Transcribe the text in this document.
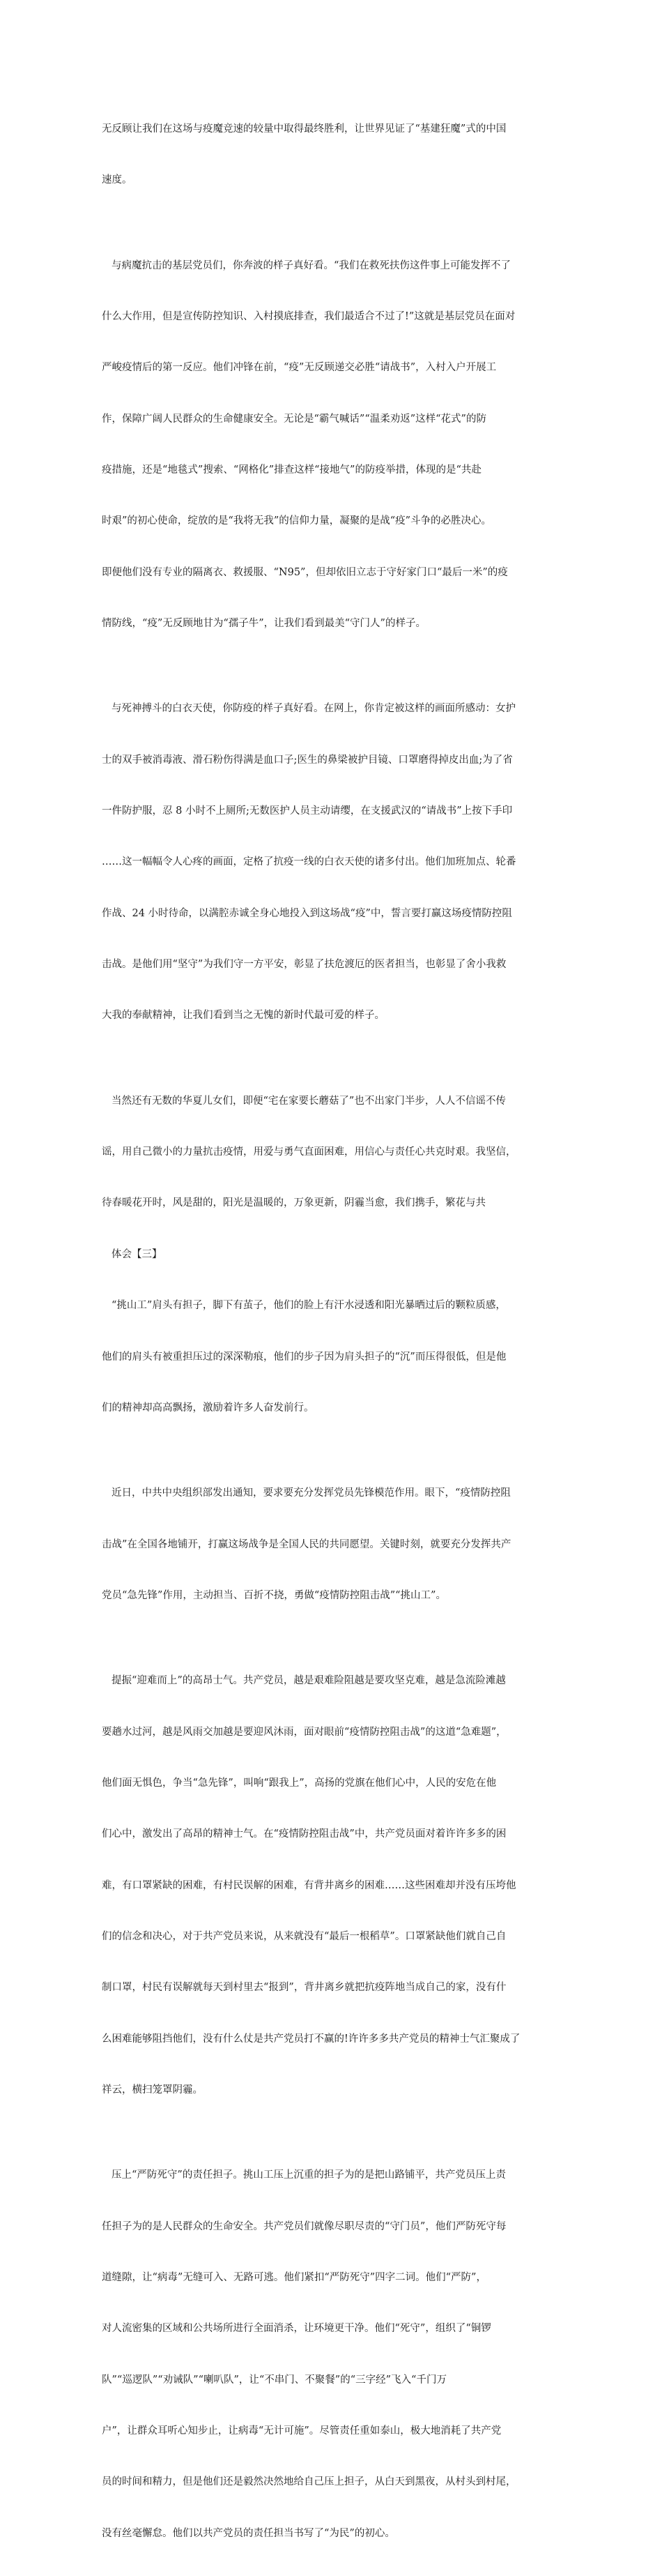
无反顾让我们在这场与疫魔竞速的较量中取得最终胜利，让世界见证了“基建狂魔”式的中国

速度。

与病魔抗击的基层党员们，你奔波的样子真好看。“我们在救死扶伤这件事上可能发挥不了

什么大作用，但是宣传防控知识、入村摸底排查，我们最适合不过了!”这就是基层党员在面对

严峻疫情后的第一反应。他们冲锋在前，“疫”无反顾递交必胜“请战书”，入村入户开展工

作，保障广阔人民群众的生命健康安全。无论是“霸气喊话”“温柔劝返”这样“花式”的防

疫措施，还是“地毯式”搜索、“网格化”排查这样“接地气”的防疫举措，体现的是“共赴

时艰”的初心使命，绽放的是“我将无我”的信仰力量，凝聚的是战“疫”斗争的必胜决心。

即便他们没有专业的隔离衣、救援服、“N95”，但却依旧立志于守好家门口“最后一米”的疫

情防线，“疫”无反顾地甘为“孺子牛”，让我们看到最美“守门人”的样子。

与死神搏斗的白衣天使，你防疫的样子真好看。在网上，你肯定被这样的画面所感动：女护

士的双手被消毒液、滑石粉伤得满是血口子;医生的鼻梁被护目镜、口罩磨得掉皮出血;为了省

一件防护服，忍 8 小时不上厕所;无数医护人员主动请缨，在支援武汉的“请战书”上按下手印

……这一幅幅令人心疼的画面，定格了抗疫一线的白衣天使的诸多付出。他们加班加点、轮番

作战、24 小时待命，以满腔赤诚全身心地投入到这场战“疫”中，誓言要打赢这场疫情防控阻

击战。是他们用“坚守”为我们守一方平安，彰显了扶危渡厄的医者担当，也彰显了舍小我救

大我的奉献精神，让我们看到当之无愧的新时代最可爱的样子。

当然还有无数的华夏儿女们，即便“宅在家要长蘑菇了”也不出家门半步，人人不信谣不传

谣，用自己微小的力量抗击疫情，用爱与勇气直面困难，用信心与责任心共克时艰。我坚信，

待春暖花开时，风是甜的，阳光是温暖的，万象更新，阴霾当愈，我们携手，繁花与共

体会【三】

“挑山工”肩头有担子，脚下有茧子，他们的脸上有汗水浸透和阳光暴晒过后的颗粒质感，

他们的肩头有被重担压过的深深勒痕，他们的步子因为肩头担子的“沉”而压得很低，但是他

们的精神却高高飘扬，激励着许多人奋发前行。

近日，中共中央组织部发出通知，要求要充分发挥党员先锋模范作用。眼下，“疫情防控阻

击战”在全国各地铺开，打赢这场战争是全国人民的共同愿望。关键时刻，就要充分发挥共产

党员“急先锋”作用，主动担当、百折不挠，勇做“疫情防控阻击战”“挑山工”。

提振“迎难而上”的高昂士气。共产党员，越是艰难险阻越是要攻坚克难，越是急流险滩越

要趟水过河，越是风雨交加越是要迎风沐雨，面对眼前“疫情防控阻击战”的这道“急难题”，

他们面无惧色，争当“急先锋”，叫响“跟我上”，高扬的党旗在他们心中，人民的安危在他

们心中，激发出了高昂的精神士气。在“疫情防控阻击战”中，共产党员面对着许许多多的困

难，有口罩紧缺的困难，有村民误解的困难，有背井离乡的困难……这些困难却并没有压垮他

们的信念和决心，对于共产党员来说，从来就没有“最后一根稻草”。口罩紧缺他们就自己自

制口罩，村民有误解就每天到村里去“报到”，背井离乡就把抗疫阵地当成自己的家，没有什

么困难能够阻挡他们，没有什么仗是共产党员打不赢的!许许多多共产党员的精神士气汇聚成了

祥云，横扫笼罩阴霾。

压上“严防死守”的责任担子。挑山工压上沉重的担子为的是把山路铺平，共产党员压上责

任担子为的是人民群众的生命安全。共产党员们就像尽职尽责的“守门员”，他们严防死守每

道缝隙，让“病毒”无缝可入、无路可逃。他们紧扣“严防死守”四字二词。他们“严防”，

对人流密集的区域和公共场所进行全面消杀，让环境更干净。他们“死守”，组织了“铜锣

队”“巡逻队”“劝诫队”“喇叭队”，让“不串门、不聚餐”的“三字经”飞入“千门万

户”，让群众耳听心知步止，让病毒“无计可施”。尽管责任重如泰山，极大地消耗了共产党

员的时间和精力，但是他们还是毅然决然地给自己压上担子，从白天到黑夜，从村头到村尾，

没有丝毫懈怠。他们以共产党员的责任担当书写了“为民”的初心。
